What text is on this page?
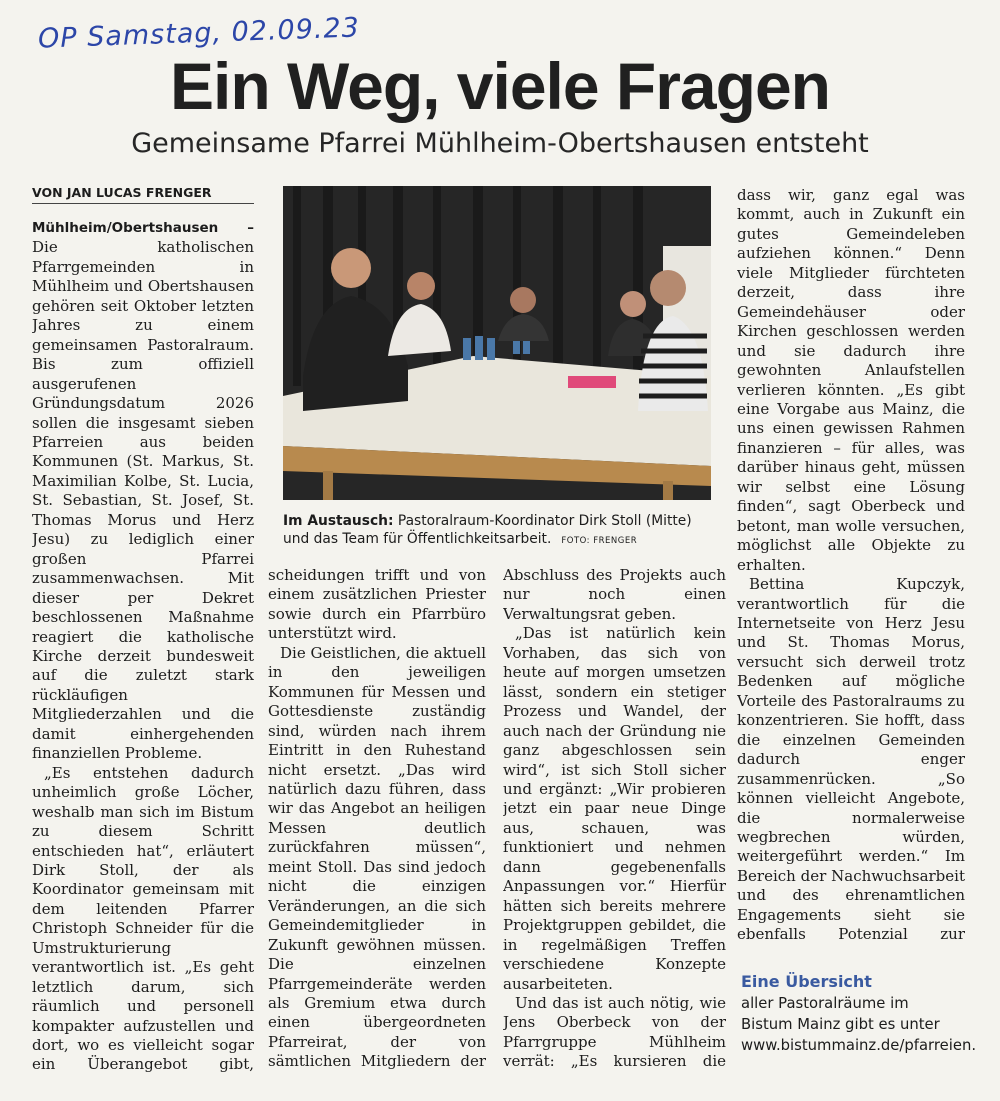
OP Samstag, 02.09.23
Ein Weg, viele Fragen
Gemeinsame Pfarrei Mühlheim-Obertshausen entsteht
VON JAN LUCAS FRENGER

Mühlheim/Obertshausen – Die katholischen Pfarrgemeinden in Mühlheim und Obertshausen gehören seit Oktober letzten Jahres zu einem gemeinsamen Pastoralraum. Bis zum offiziell ausgerufenen Gründungsdatum 2026 sollen die insgesamt sieben Pfarreien aus beiden Kommunen (St. Markus, St. Maximilian Kolbe, St. Lucia, St. Sebastian, St. Josef, St. Thomas Morus und Herz Jesu) zu lediglich einer großen Pfarrei zusammenwachsen. Mit dieser per Dekret beschlossenen Maßnahme reagiert die katholische Kirche derzeit bundesweit auf die zuletzt stark rückläufigen Mitgliederzahlen und die damit einhergehenden finanziellen Probleme.

„Es entstehen dadurch unheimlich große Löcher, weshalb man sich im Bistum zu diesem Schritt entschieden hat“, erläutert Dirk Stoll, der als Koordinator gemeinsam mit dem leitenden Pfarrer Christoph Schneider für die Umstrukturierung verantwortlich ist. „Es geht letztlich darum, sich räumlich und personell kompakter aufzustellen und dort, wo es vielleicht sogar ein Überangebot gibt,

Im Austausch: Pastoralraum-Koordinator Dirk Stoll (Mitte) und das Team für Öffentlichkeitsarbeit. FOTO: FRENGER

scheidungen trifft und von einem zusätzlichen Priester sowie durch ein Pfarrbüro unterstützt wird.

Die Geistlichen, die aktuell in den jeweiligen Kommunen für Messen und Gottesdienste zuständig sind, würden nach ihrem Eintritt in den Ruhestand nicht ersetzt. „Das wird natürlich dazu führen, dass wir das Angebot an heiligen Messen deutlich zurückfahren müssen“, meint Stoll. Das sind jedoch nicht die einzigen Veränderungen, an die sich Gemeindemitglieder in Zukunft gewöhnen müssen. Die einzelnen Pfarrgemeinderäte werden als Gremium etwa durch einen übergeordneten Pfarreirat, der von sämtlichen Mitgliedern der

Abschluss des Projekts auch nur noch einen Verwaltungsrat geben.

„Das ist natürlich kein Vorhaben, das sich von heute auf morgen umsetzen lässt, sondern ein stetiger Prozess und Wandel, der auch nach der Gründung nie ganz abgeschlossen sein wird“, ist sich Stoll sicher und ergänzt: „Wir probieren jetzt ein paar neue Dinge aus, schauen, was funktioniert und nehmen dann gegebenenfalls Anpassungen vor.“ Hierfür hätten sich bereits mehrere Projektgruppen gebildet, die in regelmäßigen Treffen verschiedene Konzepte ausarbeiteten.

Und das ist auch nötig, wie Jens Oberbeck von der Pfarrgruppe Mühlheim verrät: „Es kursieren die

dass wir, ganz egal was kommt, auch in Zukunft ein gutes Gemeindeleben aufziehen können.“ Denn viele Mitglieder fürchteten derzeit, dass ihre Gemeindehäuser oder Kirchen geschlossen werden und sie dadurch ihre gewohnten Anlaufstellen verlieren könnten. „Es gibt eine Vorgabe aus Mainz, die uns einen gewissen Rahmen finanzieren – für alles, was darüber hinaus geht, müssen wir selbst eine Lösung finden“, sagt Oberbeck und betont, man wolle versuchen, möglichst alle Objekte zu erhalten.

Bettina Kupczyk, verantwortlich für die Internetseite von Herz Jesu und St. Thomas Morus, versucht sich derweil trotz Bedenken auf mögliche Vorteile des Pastoralraums zu konzentrieren. Sie hofft, dass die einzelnen Gemeinden dadurch enger zusammenrücken. „So können vielleicht Angebote, die normalerweise wegbrechen würden, weitergeführt werden.“ Im Bereich der Nachwuchsarbeit und des ehrenamtlichen Engagements sieht sie ebenfalls Potenzial zur

Eine Übersicht
aller Pastoralräume im Bistum Mainz gibt es unter www.bistummainz.de/pfarreien.
